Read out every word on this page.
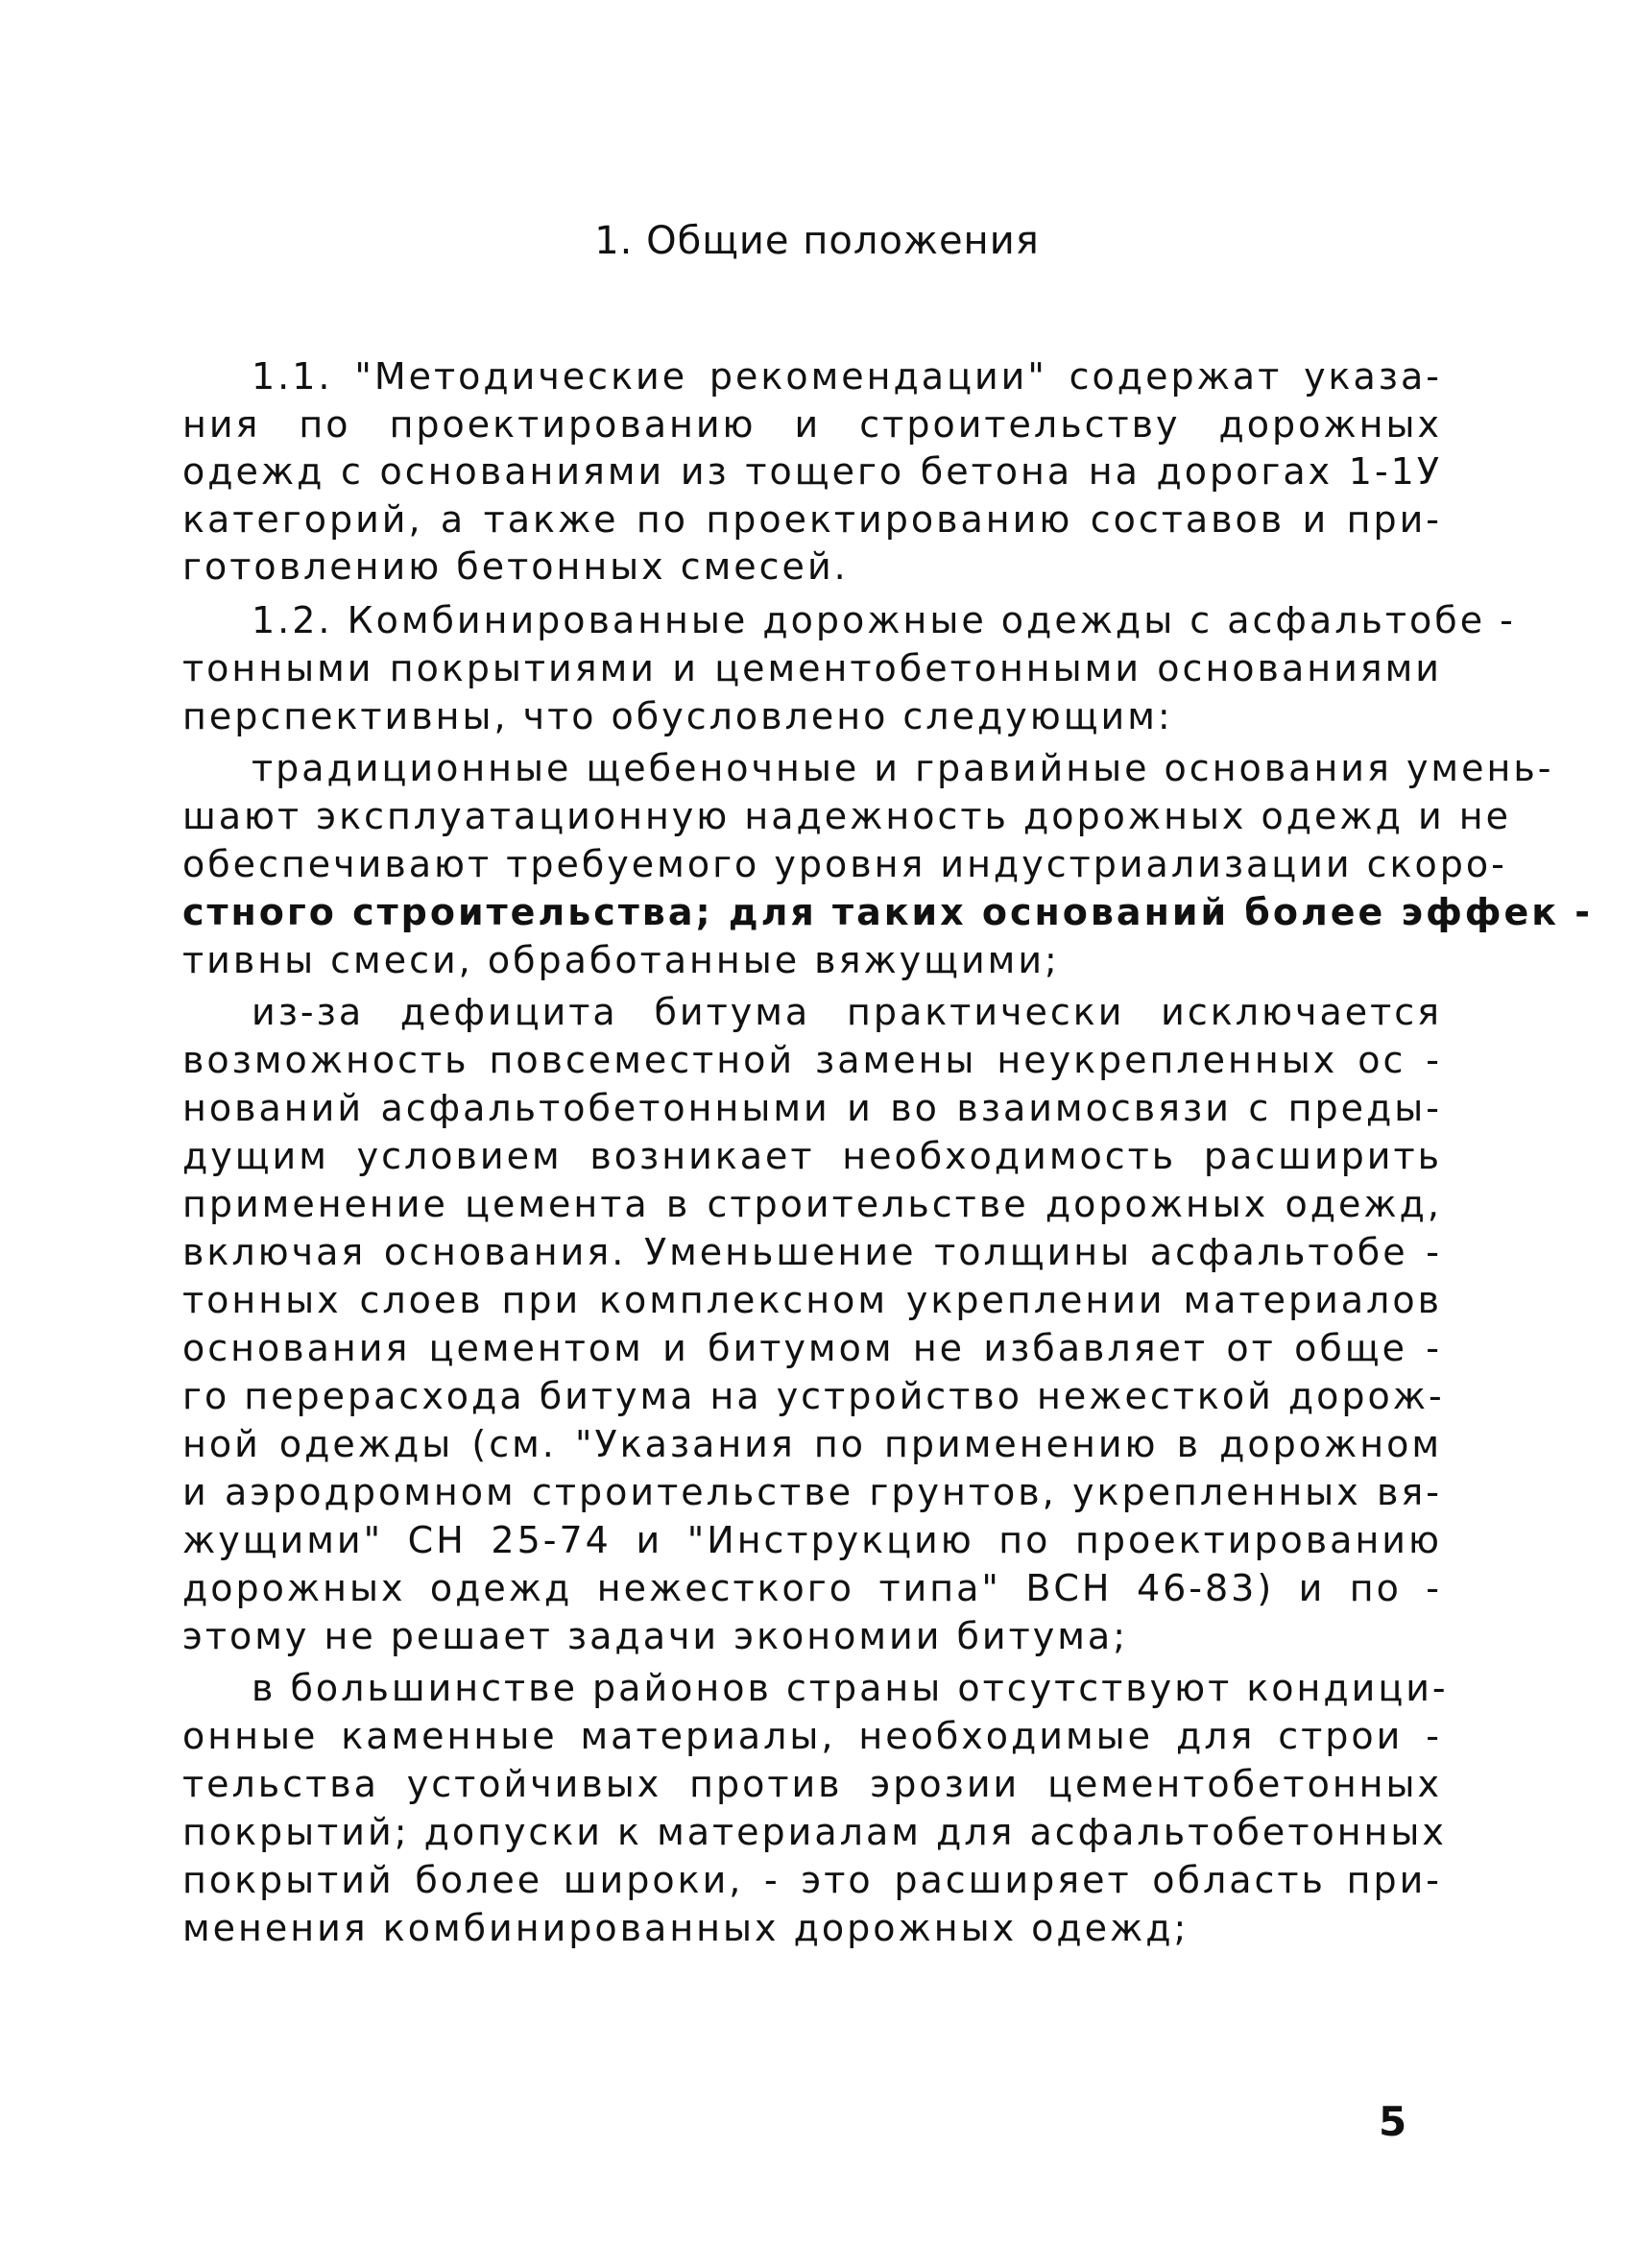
1. Общие положения
1.1. "Методические рекомендации" содержат указа-
ния по проектированию и строительству дорожных
одежд с основаниями из тощего бетона на дорогах 1-1У
категорий, а также по проектированию составов и при-
готовлению бетонных смесей.
1.2. Комбинированные дорожные одежды с асфальтобе -
тонными покрытиями и цементобетонными основаниями
перспективны, что обусловлено следующим:
традиционные щебеночные и гравийные основания умень-
шают эксплуатационную надежность дорожных одежд и не
обеспечивают требуемого уровня индустриализации скоро-
стного строительства; для таких оснований более эффек -
тивны смеси, обработанные вяжущими;
из-за дефицита битума практически исключается
возможность повсеместной замены неукрепленных ос -
нований асфальтобетонными и во взаимосвязи с преды-
дущим условием возникает необходимость расширить
применение цемента в строительстве дорожных одежд,
включая основания. Уменьшение толщины асфальтобе -
тонных слоев при комплексном укреплении материалов
основания цементом и битумом не избавляет от обще -
го перерасхода битума на устройство нежесткой дорож-
ной одежды (см. "Указания по применению в дорожном
и аэродромном строительстве грунтов, укрепленных вя-
жущими" СН 25-74 и "Инструкцию по проектированию
дорожных одежд нежесткого типа" ВСН 46-83) и по -
этому не решает задачи экономии битума;
в большинстве районов страны отсутствуют кондици-
онные каменные материалы, необходимые для строи -
тельства устойчивых против эрозии цементобетонных
покрытий; допуски к материалам для асфальтобетонных
покрытий более широки, - это расширяет область при-
менения комбинированных дорожных одежд;
5
